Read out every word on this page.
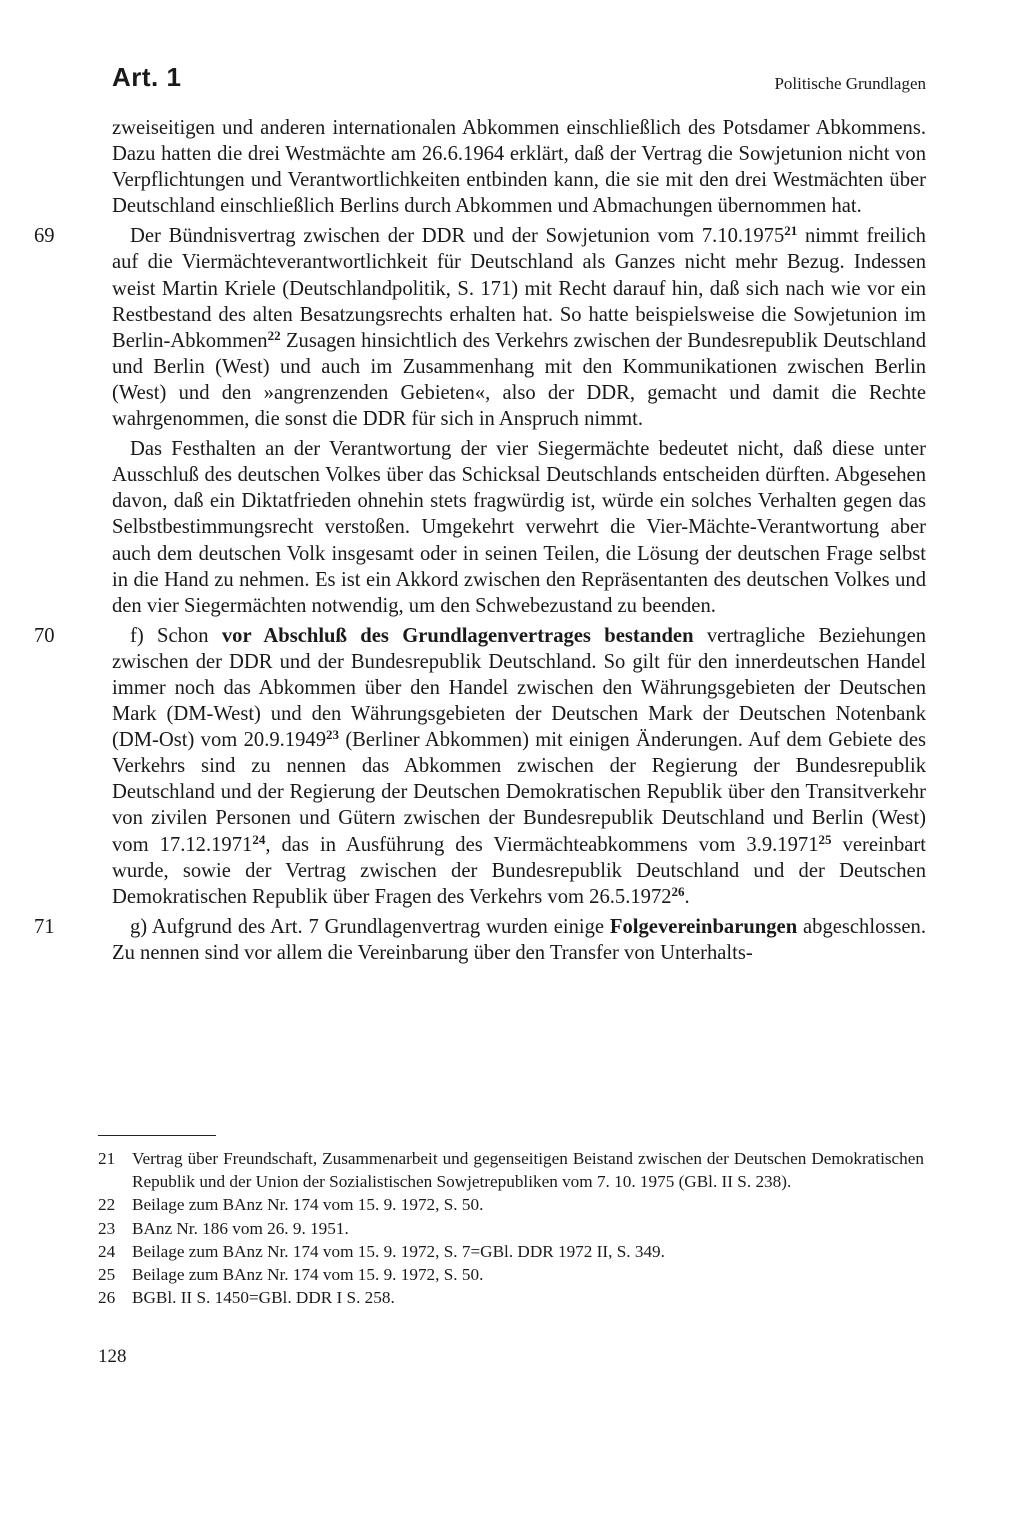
Art. 1	Politische Grundlagen

zweiseitigen und anderen internationalen Abkommen einschließlich des Potsdamer Abkommens. Dazu hatten die drei Westmächte am 26.6.1964 erklärt, daß der Vertrag die Sowjetunion nicht von Verpflichtungen und Verantwortlichkeiten entbinden kann, die sie mit den drei Westmächten über Deutschland einschließlich Berlins durch Abkommen und Abmachungen übernommen hat.

69	Der Bündnisvertrag zwischen der DDR und der Sowjetunion vom 7.10.1975$^{21}$ nimmt freilich auf die Viermächteverantwortlichkeit für Deutschland als Ganzes nicht mehr Bezug. Indessen weist Martin Kriele (Deutschlandpolitik, S. 171) mit Recht darauf hin, daß sich nach wie vor ein Restbestand des alten Besatzungsrechts erhalten hat. So hatte beispielsweise die Sowjetunion im Berlin-Abkommen$^{22}$ Zusagen hinsichtlich des Verkehrs zwischen der Bundesrepublik Deutschland und Berlin (West) und auch im Zusammenhang mit den Kommunikationen zwischen Berlin (West) und den »angrenzenden Gebieten«, also der DDR, gemacht und damit die Rechte wahrgenommen, die sonst die DDR für sich in Anspruch nimmt.

Das Festhalten an der Verantwortung der vier Siegermächte bedeutet nicht, daß diese unter Ausschluß des deutschen Volkes über das Schicksal Deutschlands entscheiden dürften. Abgesehen davon, daß ein Diktatfrieden ohnehin stets fragwürdig ist, würde ein solches Verhalten gegen das Selbstbestimmungsrecht verstoßen. Umgekehrt verwehrt die Vier-Mächte-Verantwortung aber auch dem deutschen Volk insgesamt oder in seinen Teilen, die Lösung der deutschen Frage selbst in die Hand zu nehmen. Es ist ein Akkord zwischen den Repräsentanten des deutschen Volkes und den vier Siegermächten notwendig, um den Schwebezustand zu beenden.

70	f) Schon vor Abschluß des Grundlagenvertrages bestanden vertragliche Beziehungen zwischen der DDR und der Bundesrepublik Deutschland. So gilt für den innerdeutschen Handel immer noch das Abkommen über den Handel zwischen den Währungsgebieten der Deutschen Mark (DM-West) und den Währungsgebieten der Deutschen Mark der Deutschen Notenbank (DM-Ost) vom 20.9.1949$^{23}$ (Berliner Abkommen) mit einigen Änderungen. Auf dem Gebiete des Verkehrs sind zu nennen das Abkommen zwischen der Regierung der Bundesrepublik Deutschland und der Regierung der Deutschen Demokratischen Republik über den Transitverkehr von zivilen Personen und Gütern zwischen der Bundesrepublik Deutschland und Berlin (West) vom 17.12.1971$^{24}$, das in Ausführung des Viermächteabkommens vom 3.9.1971$^{25}$ vereinbart wurde, sowie der Vertrag zwischen der Bundesrepublik Deutschland und der Deutschen Demokratischen Republik über Fragen des Verkehrs vom 26.5.1972$^{26}$.

71	g) Aufgrund des Art. 7 Grundlagenvertrag wurden einige Folgevereinbarungen abgeschlossen. Zu nennen sind vor allem die Vereinbarung über den Transfer von Unterhalts-

21 Vertrag über Freundschaft, Zusammenarbeit und gegenseitigen Beistand zwischen der Deutschen Demokratischen Republik und der Union der Sozialistischen Sowjetrepubliken vom 7. 10. 1975 (GBl. II S. 238).
22 Beilage zum BAnz Nr. 174 vom 15. 9. 1972, S. 50.
23 BAnz Nr. 186 vom 26. 9. 1951.
24 Beilage zum BAnz Nr. 174 vom 15. 9. 1972, S. 7=GBl. DDR 1972 II, S. 349.
25 Beilage zum BAnz Nr. 174 vom 15. 9. 1972, S. 50.
26 BGBl. II S. 1450=GBl. DDR I S. 258.
128
